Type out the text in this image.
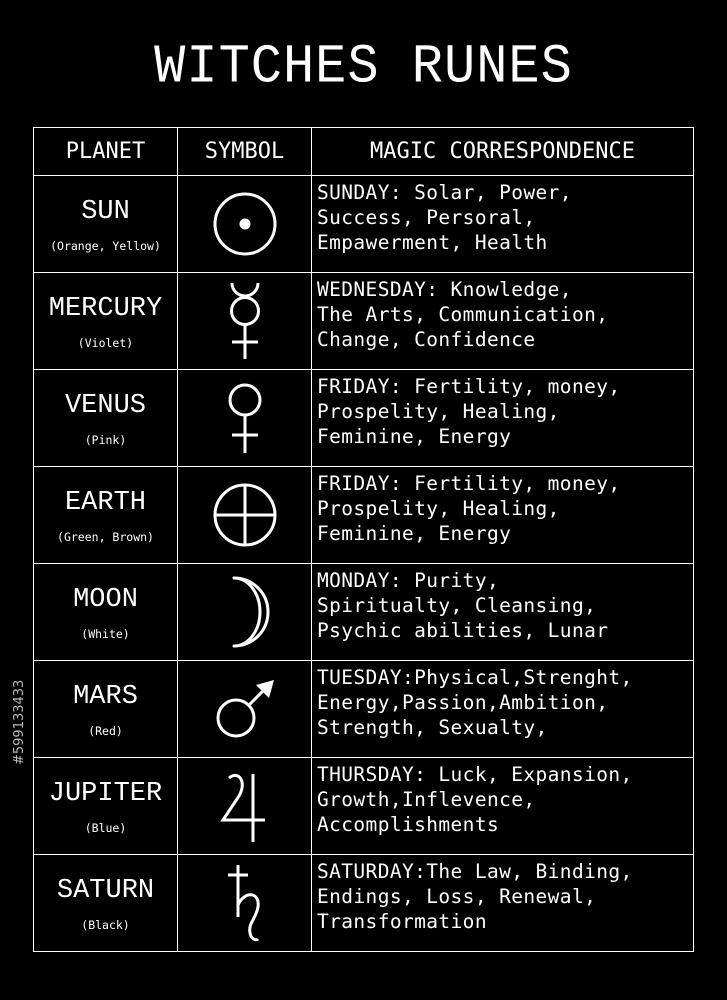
WITCHES RUNES
PLANET	SYMBOL	MAGIC CORRESPONDENCE

SUN
(Orange, Yellow)		SUNDAY: Solar, Power,
Success, Persoral,
Empawerment, Health

MERCURY
(Violet)		WEDNESDAY: Knowledge,
The Arts, Communication,
Change, Confidence

VENUS
(Pink)		FRIDAY: Fertility, money,
Prospelity, Healing,
Feminine, Energy

EARTH
(Green, Brown)		FRIDAY: Fertility, money,
Prospelity, Healing,
Feminine, Energy

MOON
(White)		MONDAY: Purity,
Spiritualty, Cleansing,
Psychic abilities, Lunar

MARS
(Red)		TUESDAY:Physical,Strenght,
Energy,Passion,Ambition,
Strength, Sexualty,

JUPITER
(Blue)		THURSDAY: Luck, Expansion,
Growth,Inflevence,
Accomplishments

SATURN
(Black)		SATURDAY:The Law, Binding,
Endings, Loss, Renewal,
Transformation
#599133433
